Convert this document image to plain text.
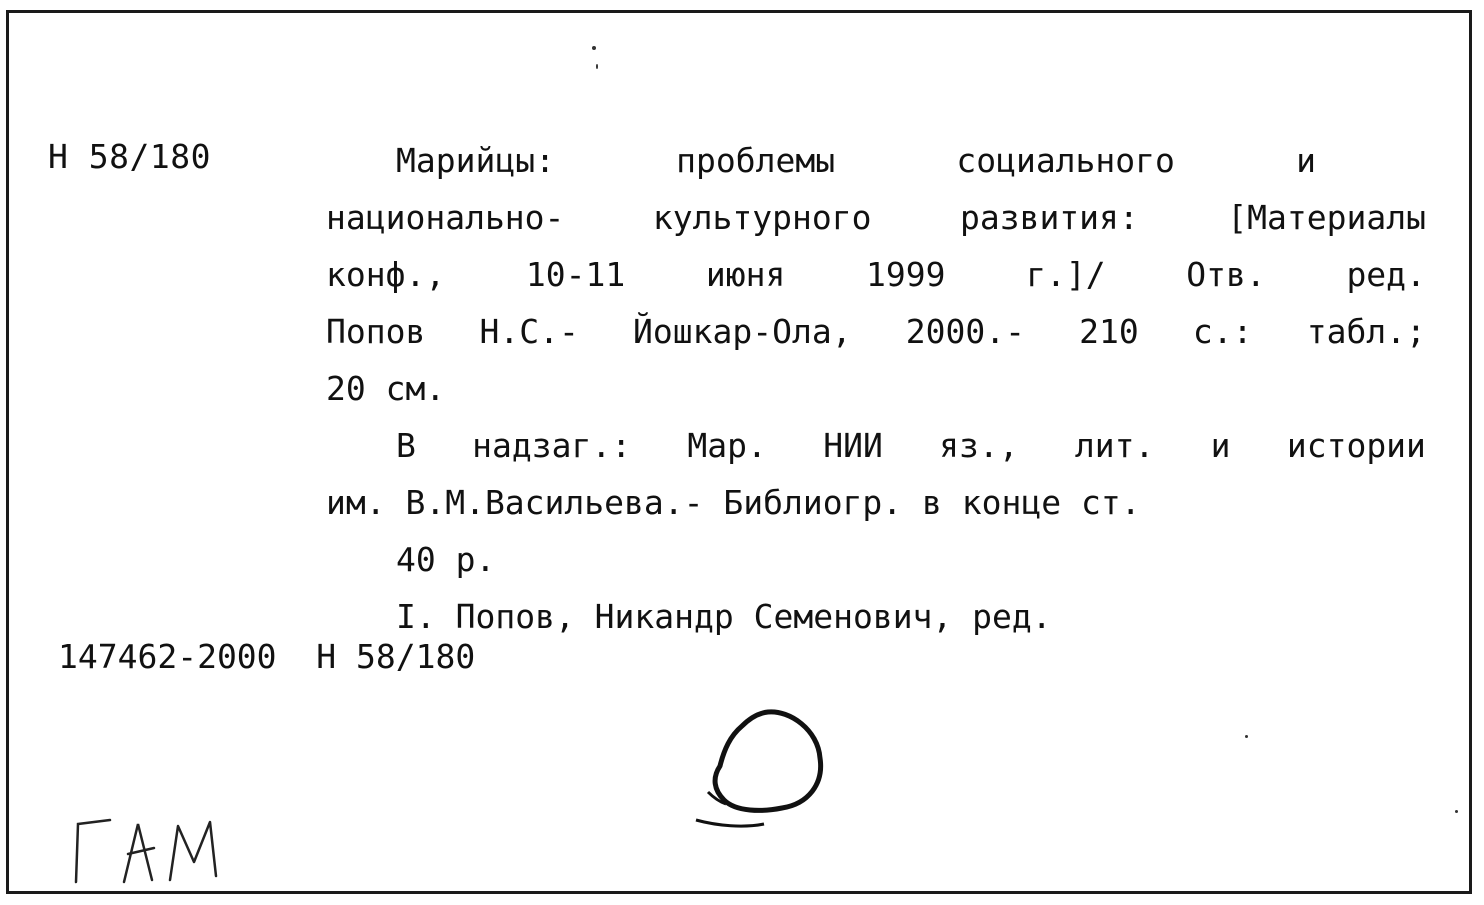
Н 58/180	Марийцы:	проблемы	социального	и
национально-	культурного	развития:	[Материалы
конф., 10-11 июня 1999 г.]/ Отв. ред.
Попов Н.С.- Йошкар-Ола, 2000.- 210 с.: табл.;
20 см.
В надзаг.: Мар. НИИ яз., лит. и истории
им. В.М.Васильева.- Библиогр. в конце ст.
40 р.
I. Попов, Никандр Семенович, ред.
147462-2000  Н 58/180
